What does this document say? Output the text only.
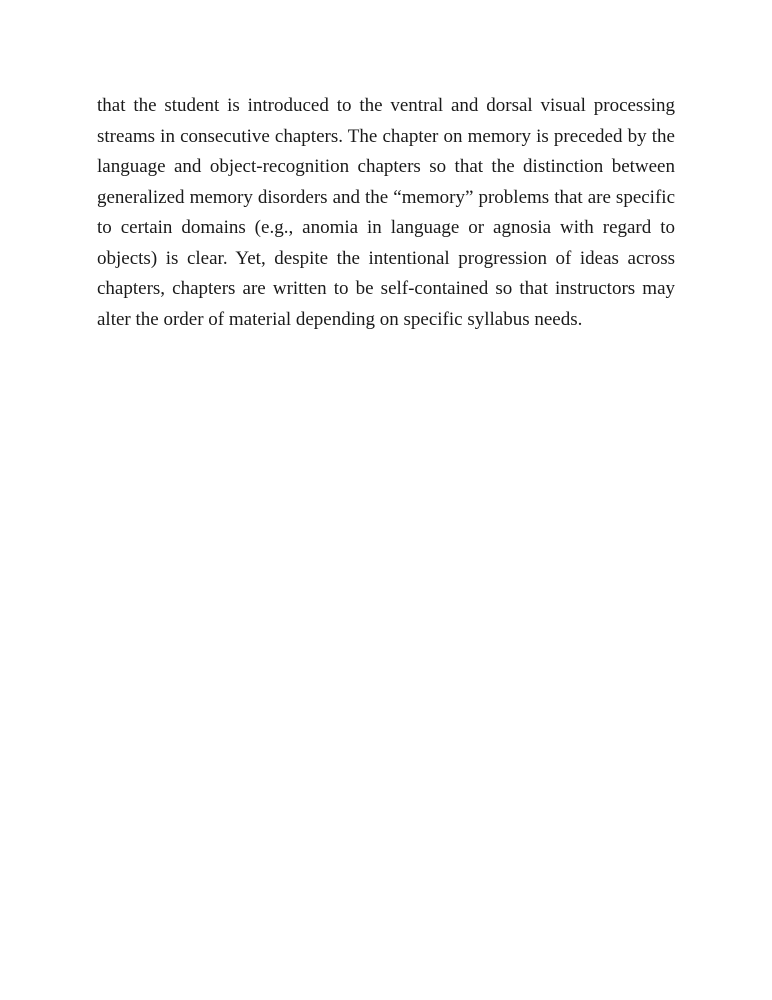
that the student is introduced to the ventral and dorsal visual processing
streams in consecutive chapters. The chapter on memory is preceded by the
language and object-recognition chapters so that the distinction between
generalized memory disorders and the “memory” problems that are specific
to certain domains (e.g., anomia in language or agnosia with regard to
objects) is clear. Yet, despite the intentional progression of ideas across
chapters, chapters are written to be self-contained so that instructors may
alter the order of material depending on specific syllabus needs.
